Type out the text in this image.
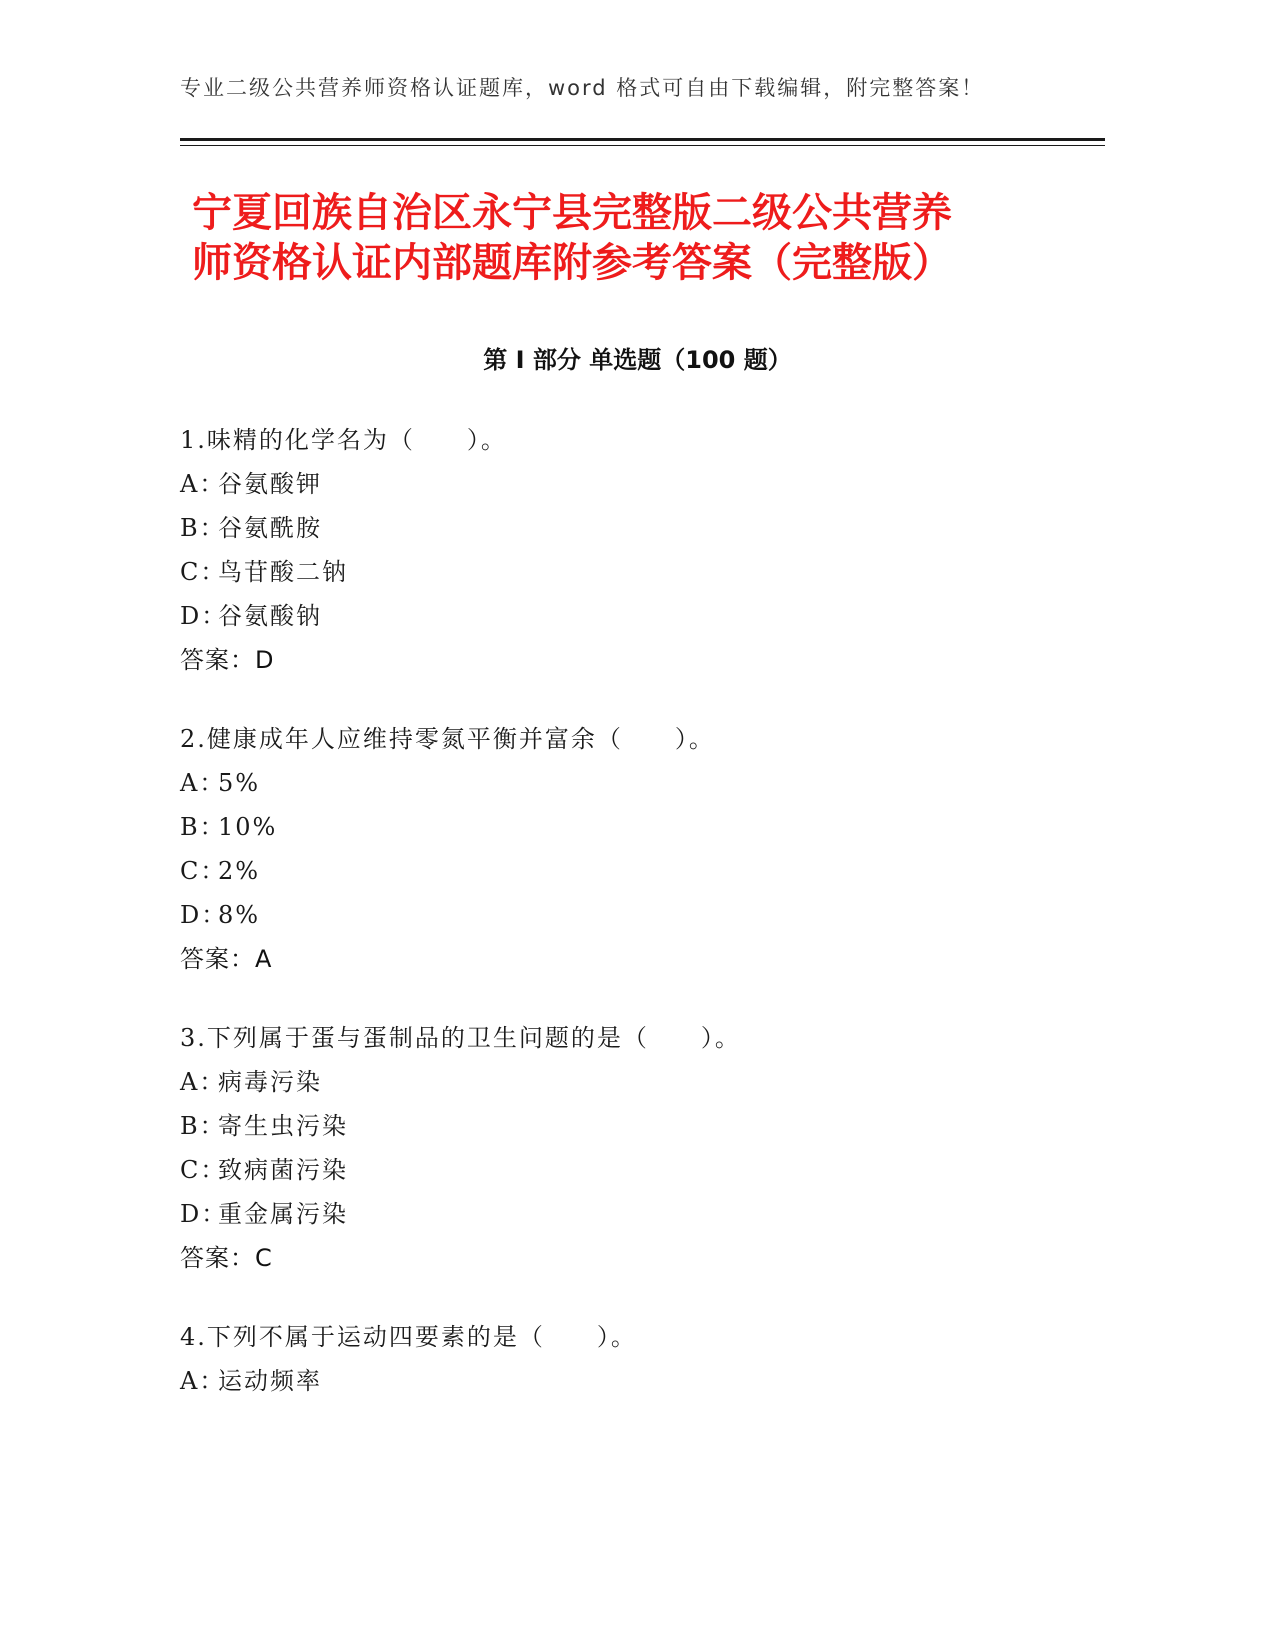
专业二级公共营养师资格认证题库，word 格式可自由下载编辑，附完整答案！
宁夏回族自治区永宁县完整版二级公共营养
师资格认证内部题库附参考答案（完整版）
第 I 部分 单选题（100 题）
1.味精的化学名为（　　）。
A：谷氨酸钾
B：谷氨酰胺
C：鸟苷酸二钠
D：谷氨酸钠
答案：D
2.健康成年人应维持零氮平衡并富余（　　）。
A：5%
B：10%
C：2%
D：8%
答案：A
3.下列属于蛋与蛋制品的卫生问题的是（　　）。
A：病毒污染
B：寄生虫污染
C：致病菌污染
D：重金属污染
答案：C
4.下列不属于运动四要素的是（　　）。
A：运动频率
